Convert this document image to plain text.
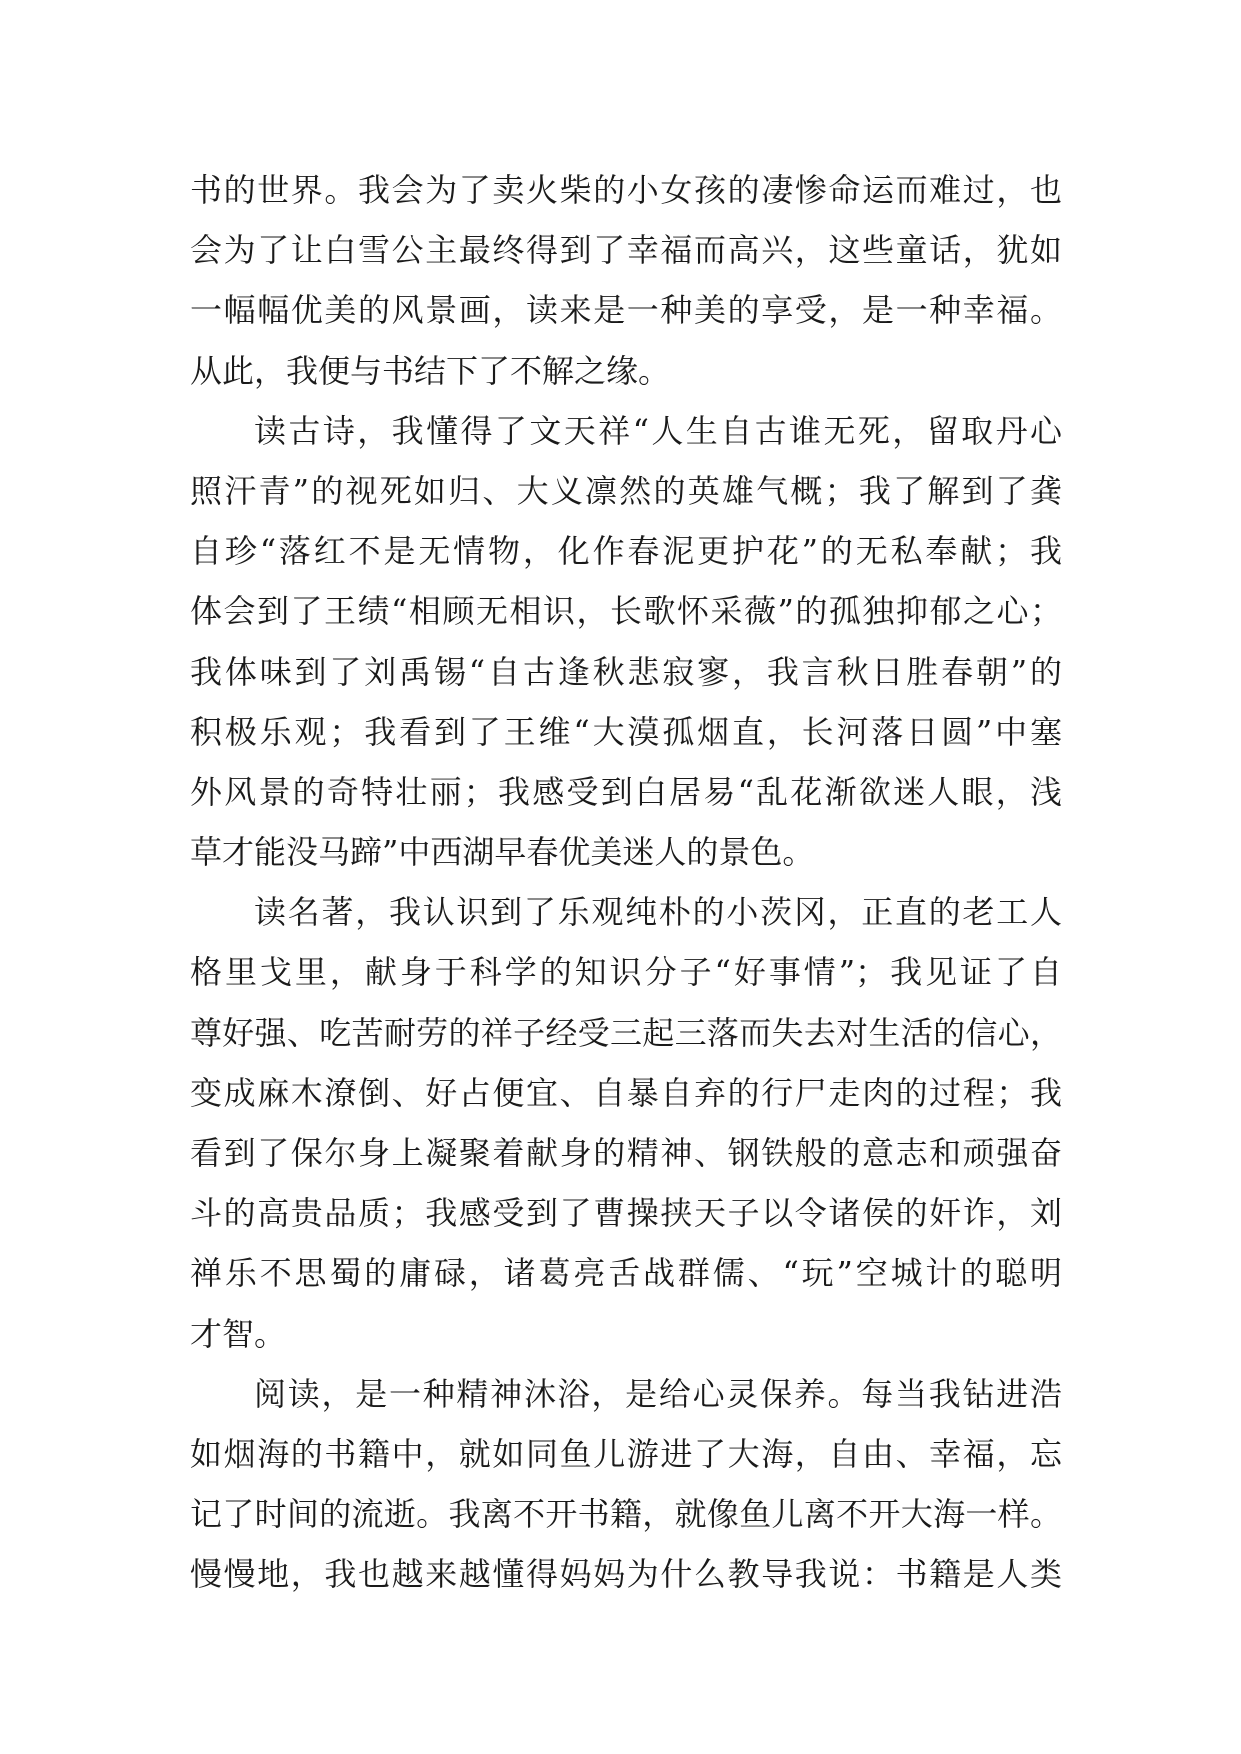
书的世界。我会为了卖火柴的小女孩的凄惨命运而难过，也
会为了让白雪公主最终得到了幸福而高兴，这些童话，犹如
一幅幅优美的风景画，读来是一种美的享受，是一种幸福。
从此，我便与书结下了不解之缘。
读古诗，我懂得了文天祥“人生自古谁无死，留取丹心
照汗青”的视死如归、大义凛然的英雄气概；我了解到了龚
自珍“落红不是无情物，化作春泥更护花”的无私奉献；我
体会到了王绩“相顾无相识，长歌怀采薇”的孤独抑郁之心；
我体味到了刘禹锡“自古逢秋悲寂寥，我言秋日胜春朝”的
积极乐观；我看到了王维“大漠孤烟直，长河落日圆”中塞
外风景的奇特壮丽；我感受到白居易“乱花渐欲迷人眼，浅
草才能没马蹄”中西湖早春优美迷人的景色。
读名著，我认识到了乐观纯朴的小茨冈，正直的老工人
格里戈里，献身于科学的知识分子“好事情”；我见证了自
尊好强、吃苦耐劳的祥子经受三起三落而失去对生活的信心，
变成麻木潦倒、好占便宜、自暴自弃的行尸走肉的过程；我
看到了保尔身上凝聚着献身的精神、钢铁般的意志和顽强奋
斗的高贵品质；我感受到了曹操挟天子以令诸侯的奸诈，刘
禅乐不思蜀的庸碌，诸葛亮舌战群儒、“玩”空城计的聪明
才智。
阅读，是一种精神沐浴，是给心灵保养。每当我钻进浩
如烟海的书籍中，就如同鱼儿游进了大海，自由、幸福，忘
记了时间的流逝。我离不开书籍，就像鱼儿离不开大海一样。
慢慢地，我也越来越懂得妈妈为什么教导我说：书籍是人类
